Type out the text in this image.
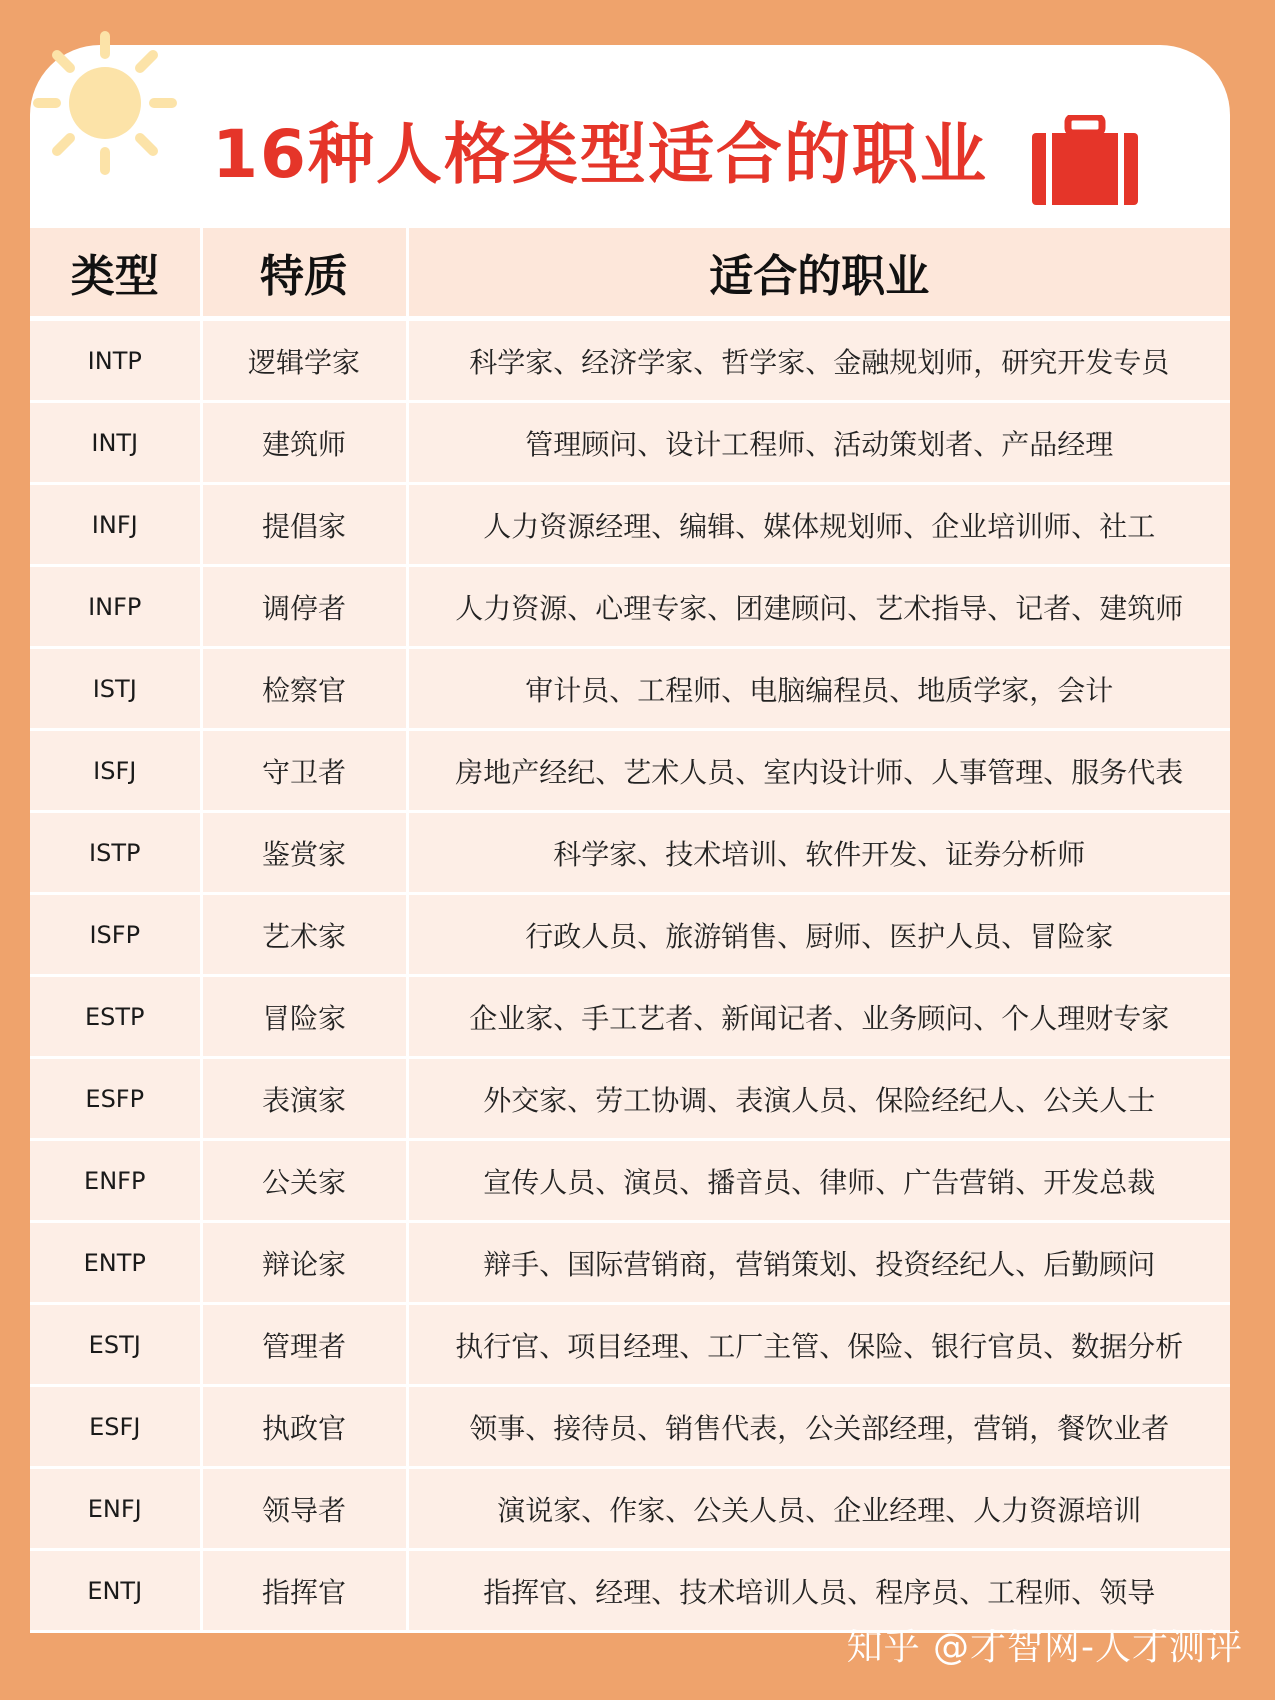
16种人格类型适合的职业
类型	特质	适合的职业
INTP	逻辑学家	科学家、经济学家、哲学家、金融规划师，研究开发专员
INTJ	建筑师	管理顾问、设计工程师、活动策划者、产品经理
INFJ	提倡家	人力资源经理、编辑、媒体规划师、企业培训师、社工
INFP	调停者	人力资源、心理专家、团建顾问、艺术指导、记者、建筑师
ISTJ	检察官	审计员、工程师、电脑编程员、地质学家，会计
ISFJ	守卫者	房地产经纪、艺术人员、室内设计师、人事管理、服务代表
ISTP	鉴赏家	科学家、技术培训、软件开发、证券分析师
ISFP	艺术家	行政人员、旅游销售、厨师、医护人员、冒险家
ESTP	冒险家	企业家、手工艺者、新闻记者、业务顾问、个人理财专家
ESFP	表演家	外交家、劳工协调、表演人员、保险经纪人、公关人士
ENFP	公关家	宣传人员、演员、播音员、律师、广告营销、开发总裁
ENTP	辩论家	辩手、国际营销商，营销策划、投资经纪人、后勤顾问
ESTJ	管理者	执行官、项目经理、工厂主管、保险、银行官员、数据分析
ESFJ	执政官	领事、接待员、销售代表，公关部经理，营销，餐饮业者
ENFJ	领导者	演说家、作家、公关人员、企业经理、人力资源培训
ENTJ	指挥官	指挥官、经理、技术培训人员、程序员、工程师、领导
知乎 @才智网-人才测评
